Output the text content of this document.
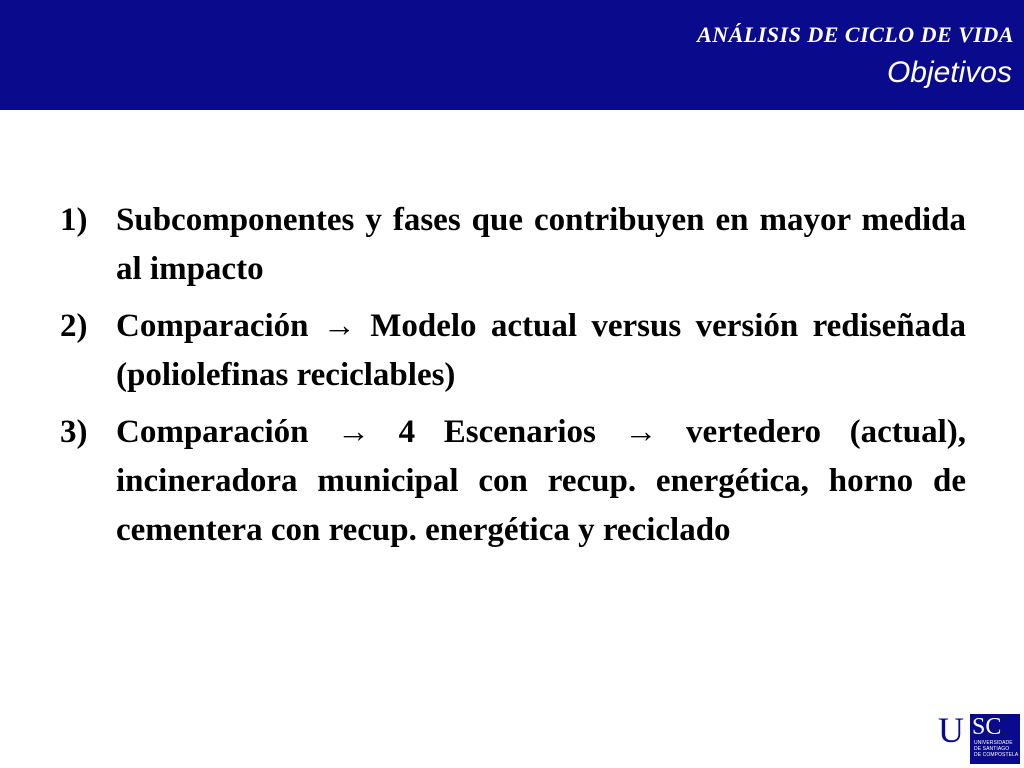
ANÁLISIS DE CICLO DE VIDA
Objetivos
1) Subcomponentes y fases que contribuyen en mayor medida al impacto
2) Comparación → Modelo actual versus versión rediseñada (poliolefinas reciclables)
3) Comparación → 4 Escenarios → vertedero (actual), incineradora municipal con recup. energética, horno de cementera con recup. energética y reciclado
U SC
UNIVERSIDADE
DE SANTIAGO
DE COMPOSTELA
